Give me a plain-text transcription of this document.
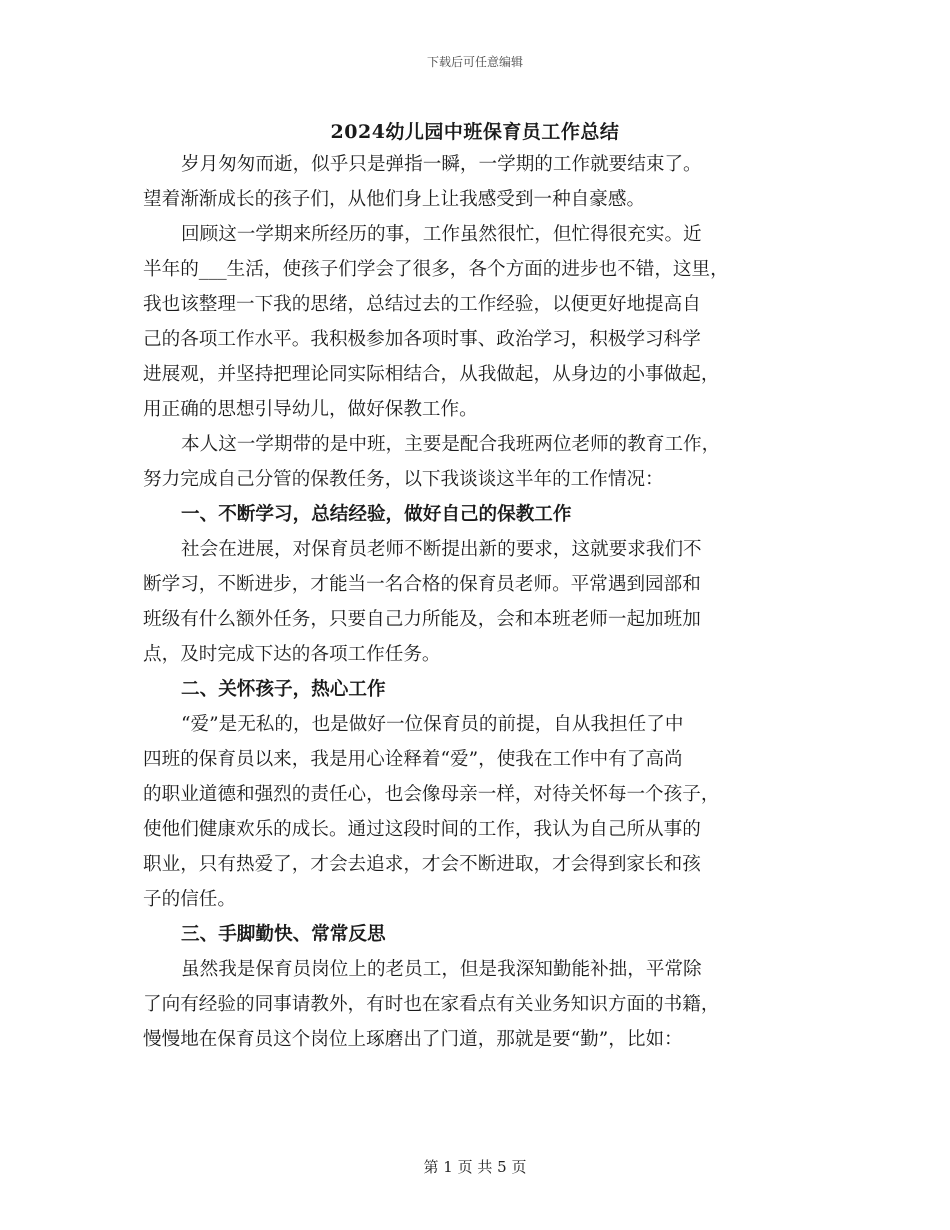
下载后可任意编辑
2024幼儿园中班保育员工作总结
岁月匆匆而逝，似乎只是弹指一瞬，一学期的工作就要结束了。
望着渐渐成长的孩子们，从他们身上让我感受到一种自豪感。
回顾这一学期来所经历的事，工作虽然很忙，但忙得很充实。近
半年的___生活，使孩子们学会了很多，各个方面的进步也不错，这里，
我也该整理一下我的思绪，总结过去的工作经验，以便更好地提高自
己的各项工作水平。我积极参加各项时事、政治学习，积极学习科学
进展观，并坚持把理论同实际相结合，从我做起，从身边的小事做起，
用正确的思想引导幼儿，做好保教工作。
本人这一学期带的是中班，主要是配合我班两位老师的教育工作，
努力完成自己分管的保教任务，以下我谈谈这半年的工作情况：
一、不断学习，总结经验，做好自己的保教工作
社会在进展，对保育员老师不断提出新的要求，这就要求我们不
断学习，不断进步，才能当一名合格的保育员老师。平常遇到园部和
班级有什么额外任务，只要自己力所能及，会和本班老师一起加班加
点，及时完成下达的各项工作任务。
二、关怀孩子，热心工作
“爱”是无私的，也是做好一位保育员的前提，自从我担任了中
四班的保育员以来，我是用心诠释着“爱”，使我在工作中有了高尚
的职业道德和强烈的责任心，也会像母亲一样，对待关怀每一个孩子，
使他们健康欢乐的成长。通过这段时间的工作，我认为自己所从事的
职业，只有热爱了，才会去追求，才会不断进取，才会得到家长和孩
子的信任。
三、手脚勤快、常常反思
虽然我是保育员岗位上的老员工，但是我深知勤能补拙，平常除
了向有经验的同事请教外，有时也在家看点有关业务知识方面的书籍，
慢慢地在保育员这个岗位上琢磨出了门道，那就是要“勤”，比如：
第 1 页 共 5 页
